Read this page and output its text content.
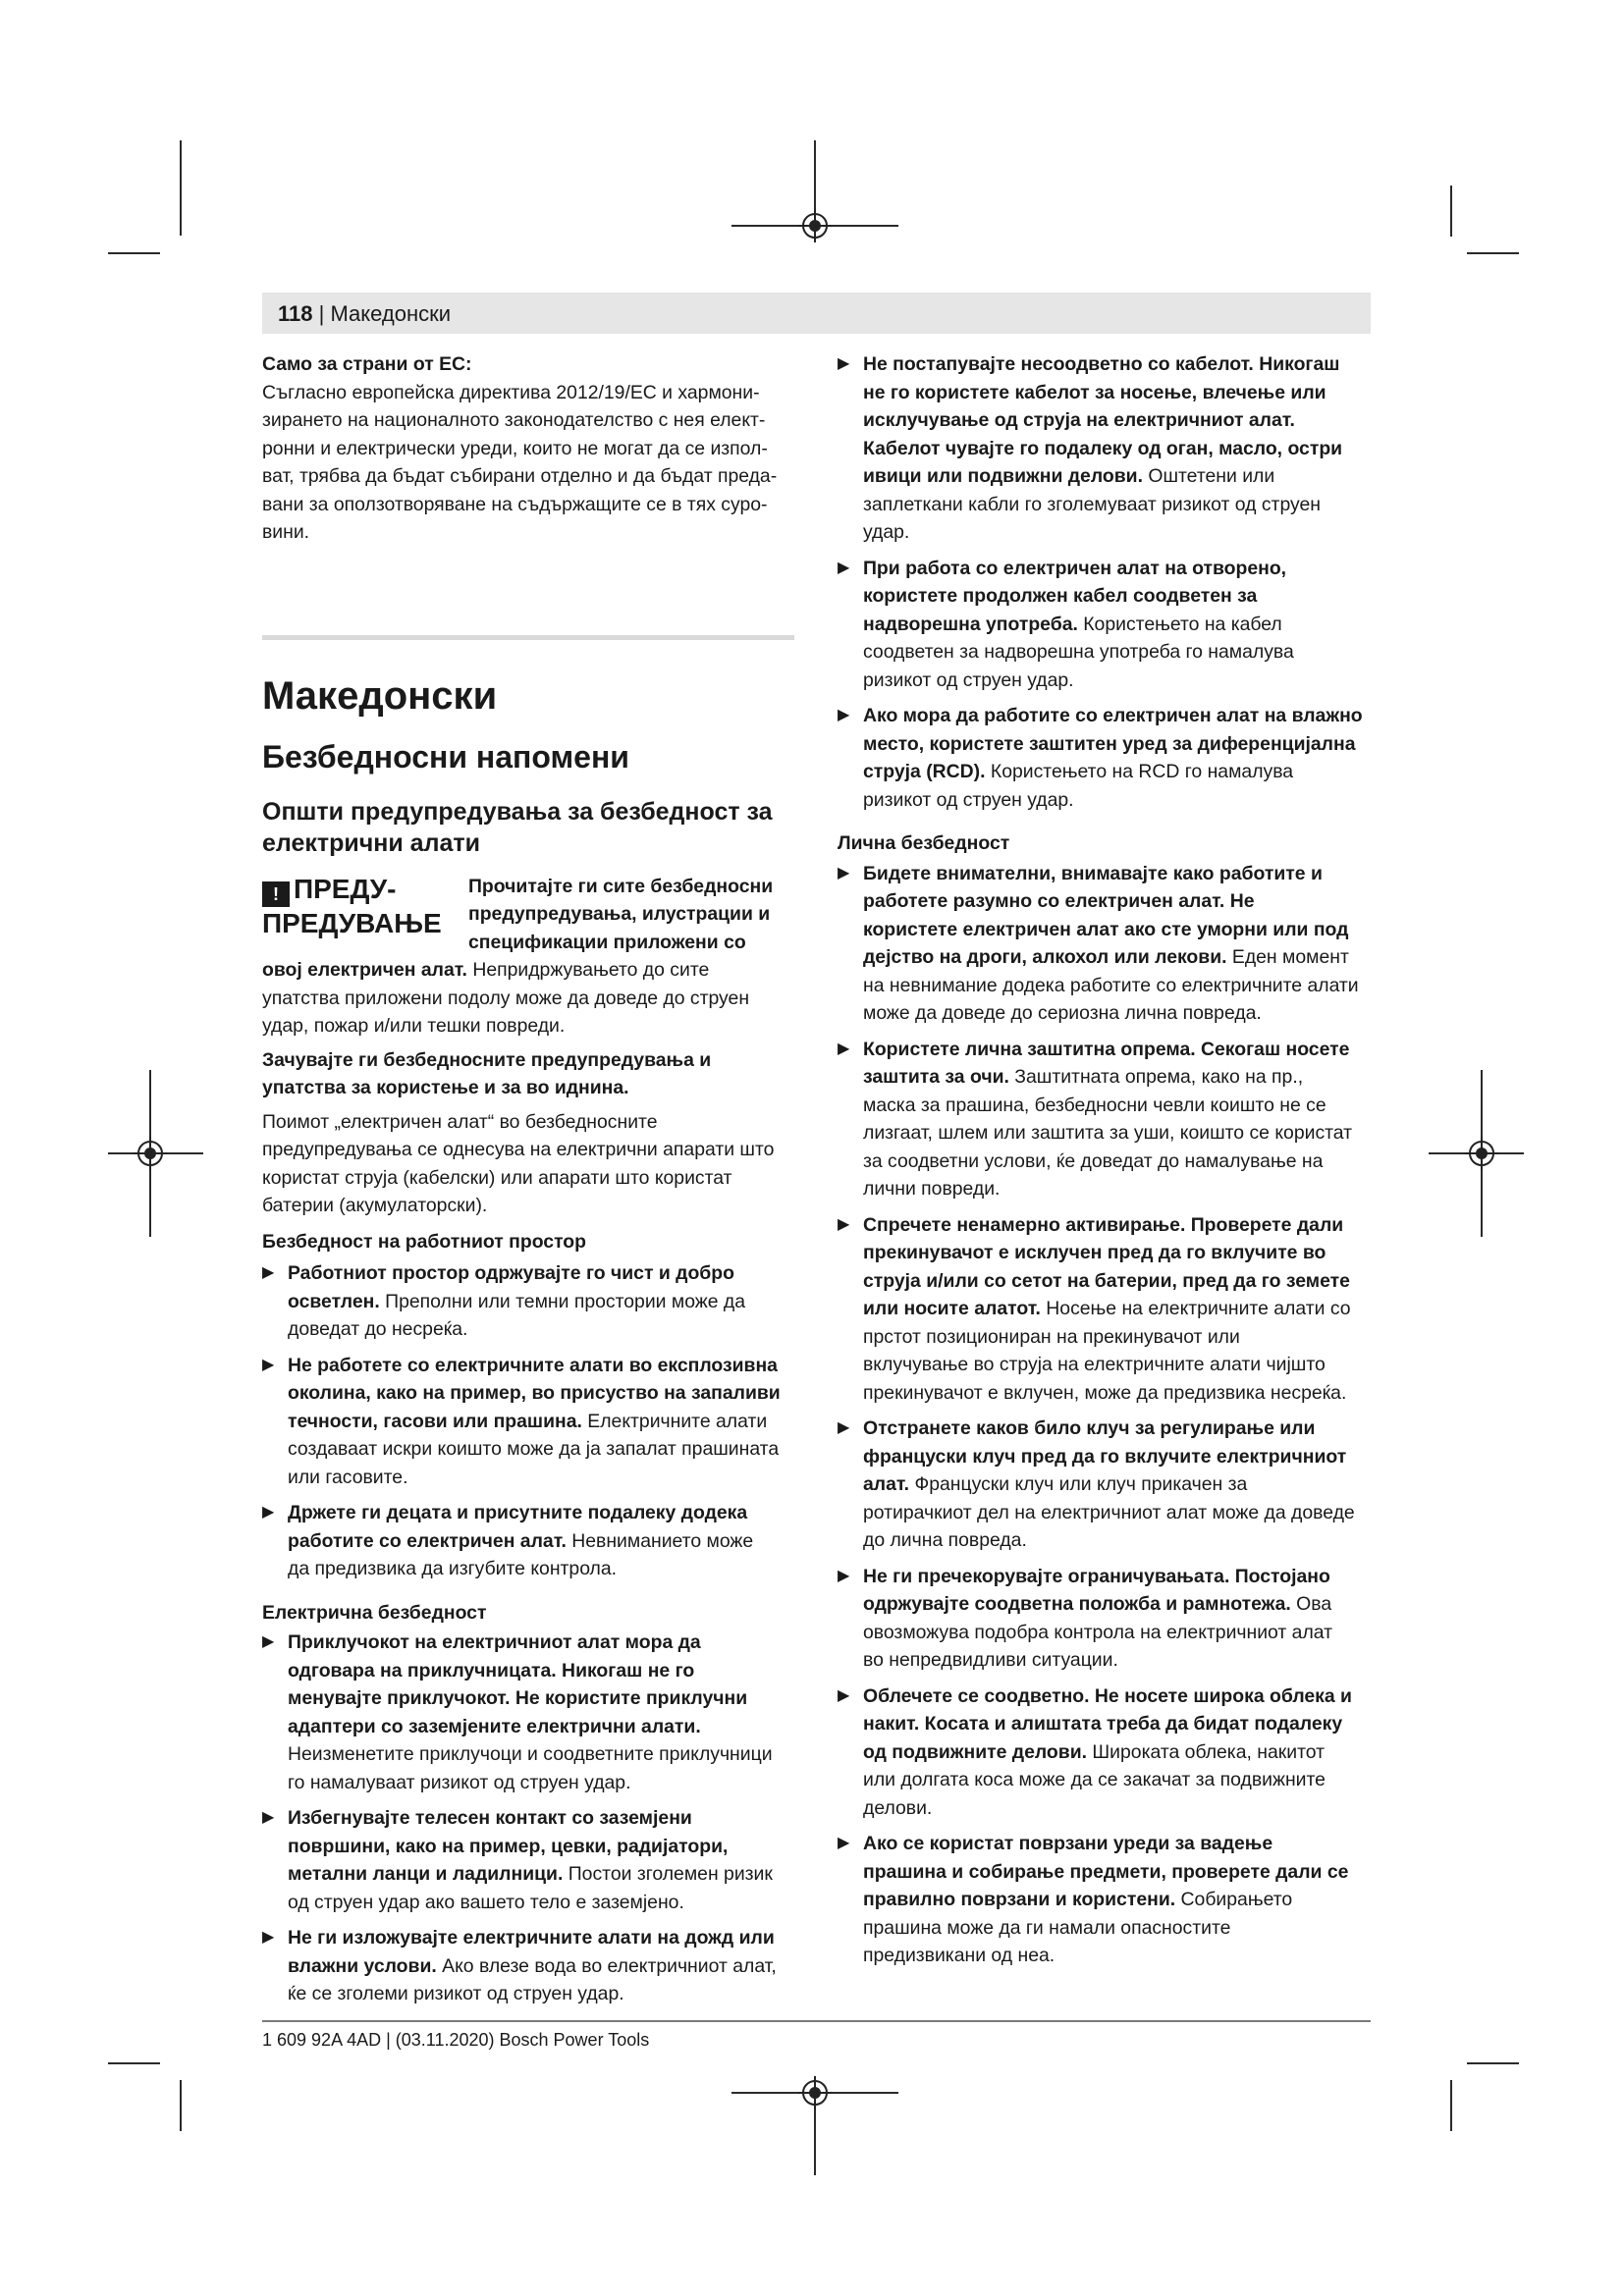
118 | Македонски

Само за страни от ЕС:

Съгласно европейска директива 2012/19/ЕС и хармони-
зирането на националното законодателство с нея елект-
ронни и електрически уреди, които не могат да се изпол-
ват, трябва да бъдат събирани отделно и да бъдат преда-
вани за оползотворяване на съдържащите се в тях суро-
вини.

Македонски

Безбедносни напомени

Општи предупредувања за безбедност за
електрични алати
! ПРЕДУ-
ПРЕДУВАЊЕ
Прочитајте ги сите безбедносни
предупредувања, илустрации и
спецификации приложени со

овој електричен алат. Непридржувањето до сите

упатства приложени подолу може да доведе до струен
удар, пожар и/или тешки повреди.
Зачувајте ги безбедносните предупредувања и
упатства за користење и за во иднина.
Поимот „електричен алат“ во безбедносните
предупредувања се однесува на електрични апарати што
користат струја (кабелски) или апарати што користат
батерии (акумулаторски).

Безбедност на работниот простор

▶ Работниот простор одржувајте го чист и добро
осветлен. Преполни или темни простории може да
доведат до несреќа.
▶ Не работете со електричните алати во експлозивна
околина, како на пример, во присуство на запаливи
течности, гасови или прашина. Електричните алати
создаваат искри коишто може да ја запалат прашината
или гасовите.
▶ Држете ги децата и присутните подалеку додека
работите со електричен алат. Невниманието може
да предизвика да изгубите контрола.

Електрична безбедност

▶ Приклучокот на електричниот алат мора да
одговара на приклучницата. Никогаш не го
менувајте приклучокот. Не користите приклучни
адаптери со заземјените електрични алати.
Неизменетите приклучоци и соодветните приклучници
го намалуваат ризикот од струен удар.
▶ Избегнувајте телесен контакт со заземјени
површини, како на пример, цевки, радијатори,
метални ланци и ладилници. Постои зголемен ризик
од струен удар ако вашето тело е заземјено.
▶ Не ги изложувајте електричните алати на дожд или
влажни услови. Ако влезе вода во електричниот алат,
ќе се зголеми ризикот од струен удар.
▶ Не постапувајте несоодветно со кабелот. Никогаш
не го користете кабелот за носење, влечење или
исклучување од струја на електричниот алат.
Кабелот чувајте го подалеку од оган, масло, остри
ивици или подвижни делови. Оштетени или
заплеткани кабли го зголемуваат ризикот од струен
удар.
▶ При работа со електричен алат на отворено,
користете продолжен кабел соодветен за
надворешна употреба. Користењето на кабел
соодветен за надворешна употреба го намалува
ризикот од струен удар.
▶ Ако мора да работите со електричен алат на влажно
место, користете заштитен уред за диференцијална
струја (RCD). Користењето на RCD го намалува
ризикот од струен удар.

Лична безбедност

▶ Бидете внимателни, внимавајте како работите и
работете разумно со електричен алат. Не
користете електричен алат ако сте уморни или под
дејство на дроги, алкохол или лекови. Еден момент
на невнимание додека работите со електричните алати
може да доведе до сериозна лична повреда.
▶ Користете лична заштитна опрема. Секогаш носете
заштита за очи. Заштитната опрема, како на пр.,
маска за прашина, безбедносни чевли коишто не се
лизгаат, шлем или заштита за уши, коишто се користат
за соодветни услови, ќе доведат до намалување на
лични повреди.
▶ Спречете ненамерно активирање. Проверете дали
прекинувачот е исклучен пред да го вклучите во
струја и/или со сетот на батерии, пред да го земете
или носите алатот. Носење на електричните алати со
прстот позициониран на прекинувачот или
вклучување во струја на електричните алати чијшто
прекинувачот е вклучен, може да предизвика несреќа.
▶ Отстранете каков било клуч за регулирање или
француски клуч пред да го вклучите електричниот
алат. Француски клуч или клуч прикачен за
ротирачкиот дел на електричниот алат може да доведе
до лична повреда.
▶ Не ги пречекорувајте ограничувањата. Постојано
одржувајте соодветна положба и рамнотежа. Ова
овозможува подобра контрола на електричниот алат
во непредвидливи ситуации.
▶ Облечете се соодветно. Не носете широка облека и
накит. Косата и алиштата треба да бидат подалеку
од подвижните делови. Широката облека, накитот
или долгата коса може да се закачат за подвижните
делови.
▶ Ако се користат поврзани уреди за вадење
прашина и собирање предмети, проверете дали се
правилно поврзани и користени. Собирањето
прашина може да ги намали опасностите
предизвикани од неа.
1 609 92A 4AD | (03.11.2020) Bosch Power Tools
